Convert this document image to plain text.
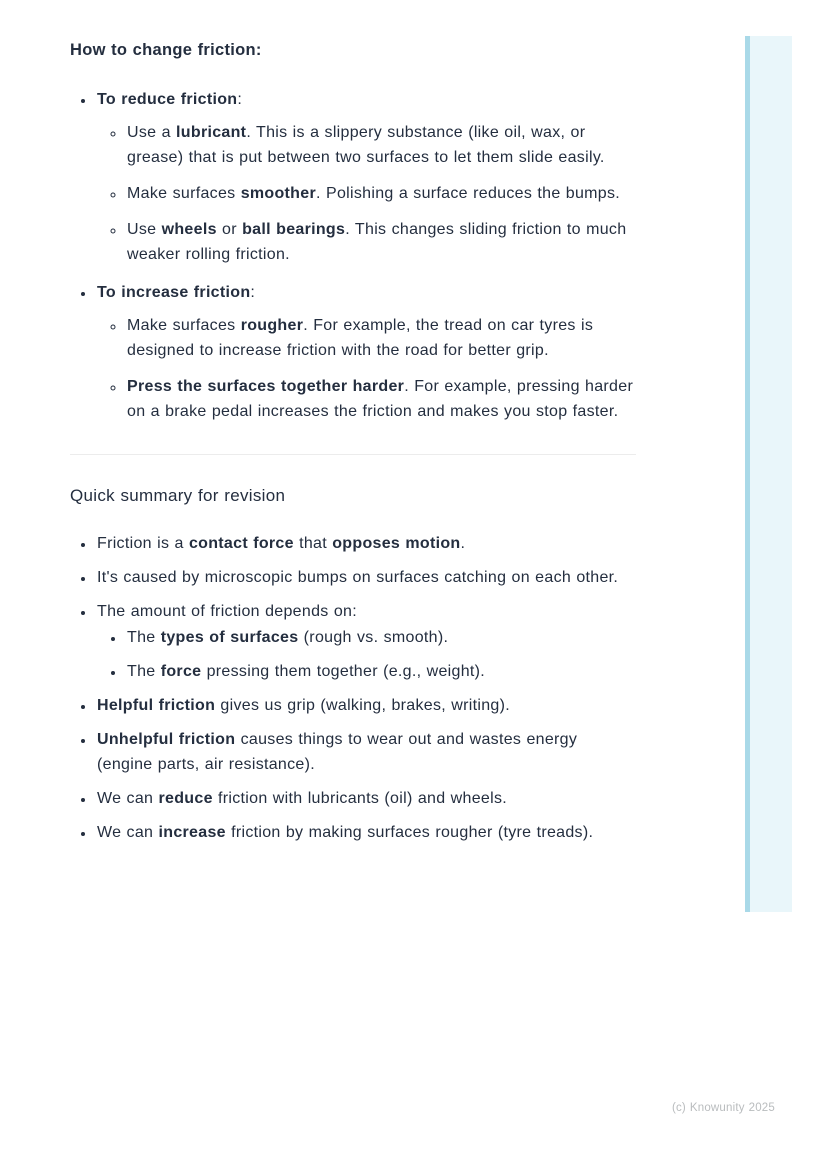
How to change friction:
• To reduce friction:
◦ Use a lubricant. This is a slippery substance (like oil, wax, or grease) that is put between two surfaces to let them slide easily.
◦ Make surfaces smoother. Polishing a surface reduces the bumps.
◦ Use wheels or ball bearings. This changes sliding friction to much weaker rolling friction.
• To increase friction:
◦ Make surfaces rougher. For example, the tread on car tyres is designed to increase friction with the road for better grip.
◦ Press the surfaces together harder. For example, pressing harder on a brake pedal increases the friction and makes you stop faster.

Quick summary for revision

• Friction is a contact force that opposes motion.
• It's caused by microscopic bumps on surfaces catching on each other.
• The amount of friction depends on:
• The types of surfaces (rough vs. smooth).
• The force pressing them together (e.g., weight).
• Helpful friction gives us grip (walking, brakes, writing).
• Unhelpful friction causes things to wear out and wastes energy (engine parts, air resistance).
• We can reduce friction with lubricants (oil) and wheels.
• We can increase friction by making surfaces rougher (tyre treads).
(c) Knowunity 2025
